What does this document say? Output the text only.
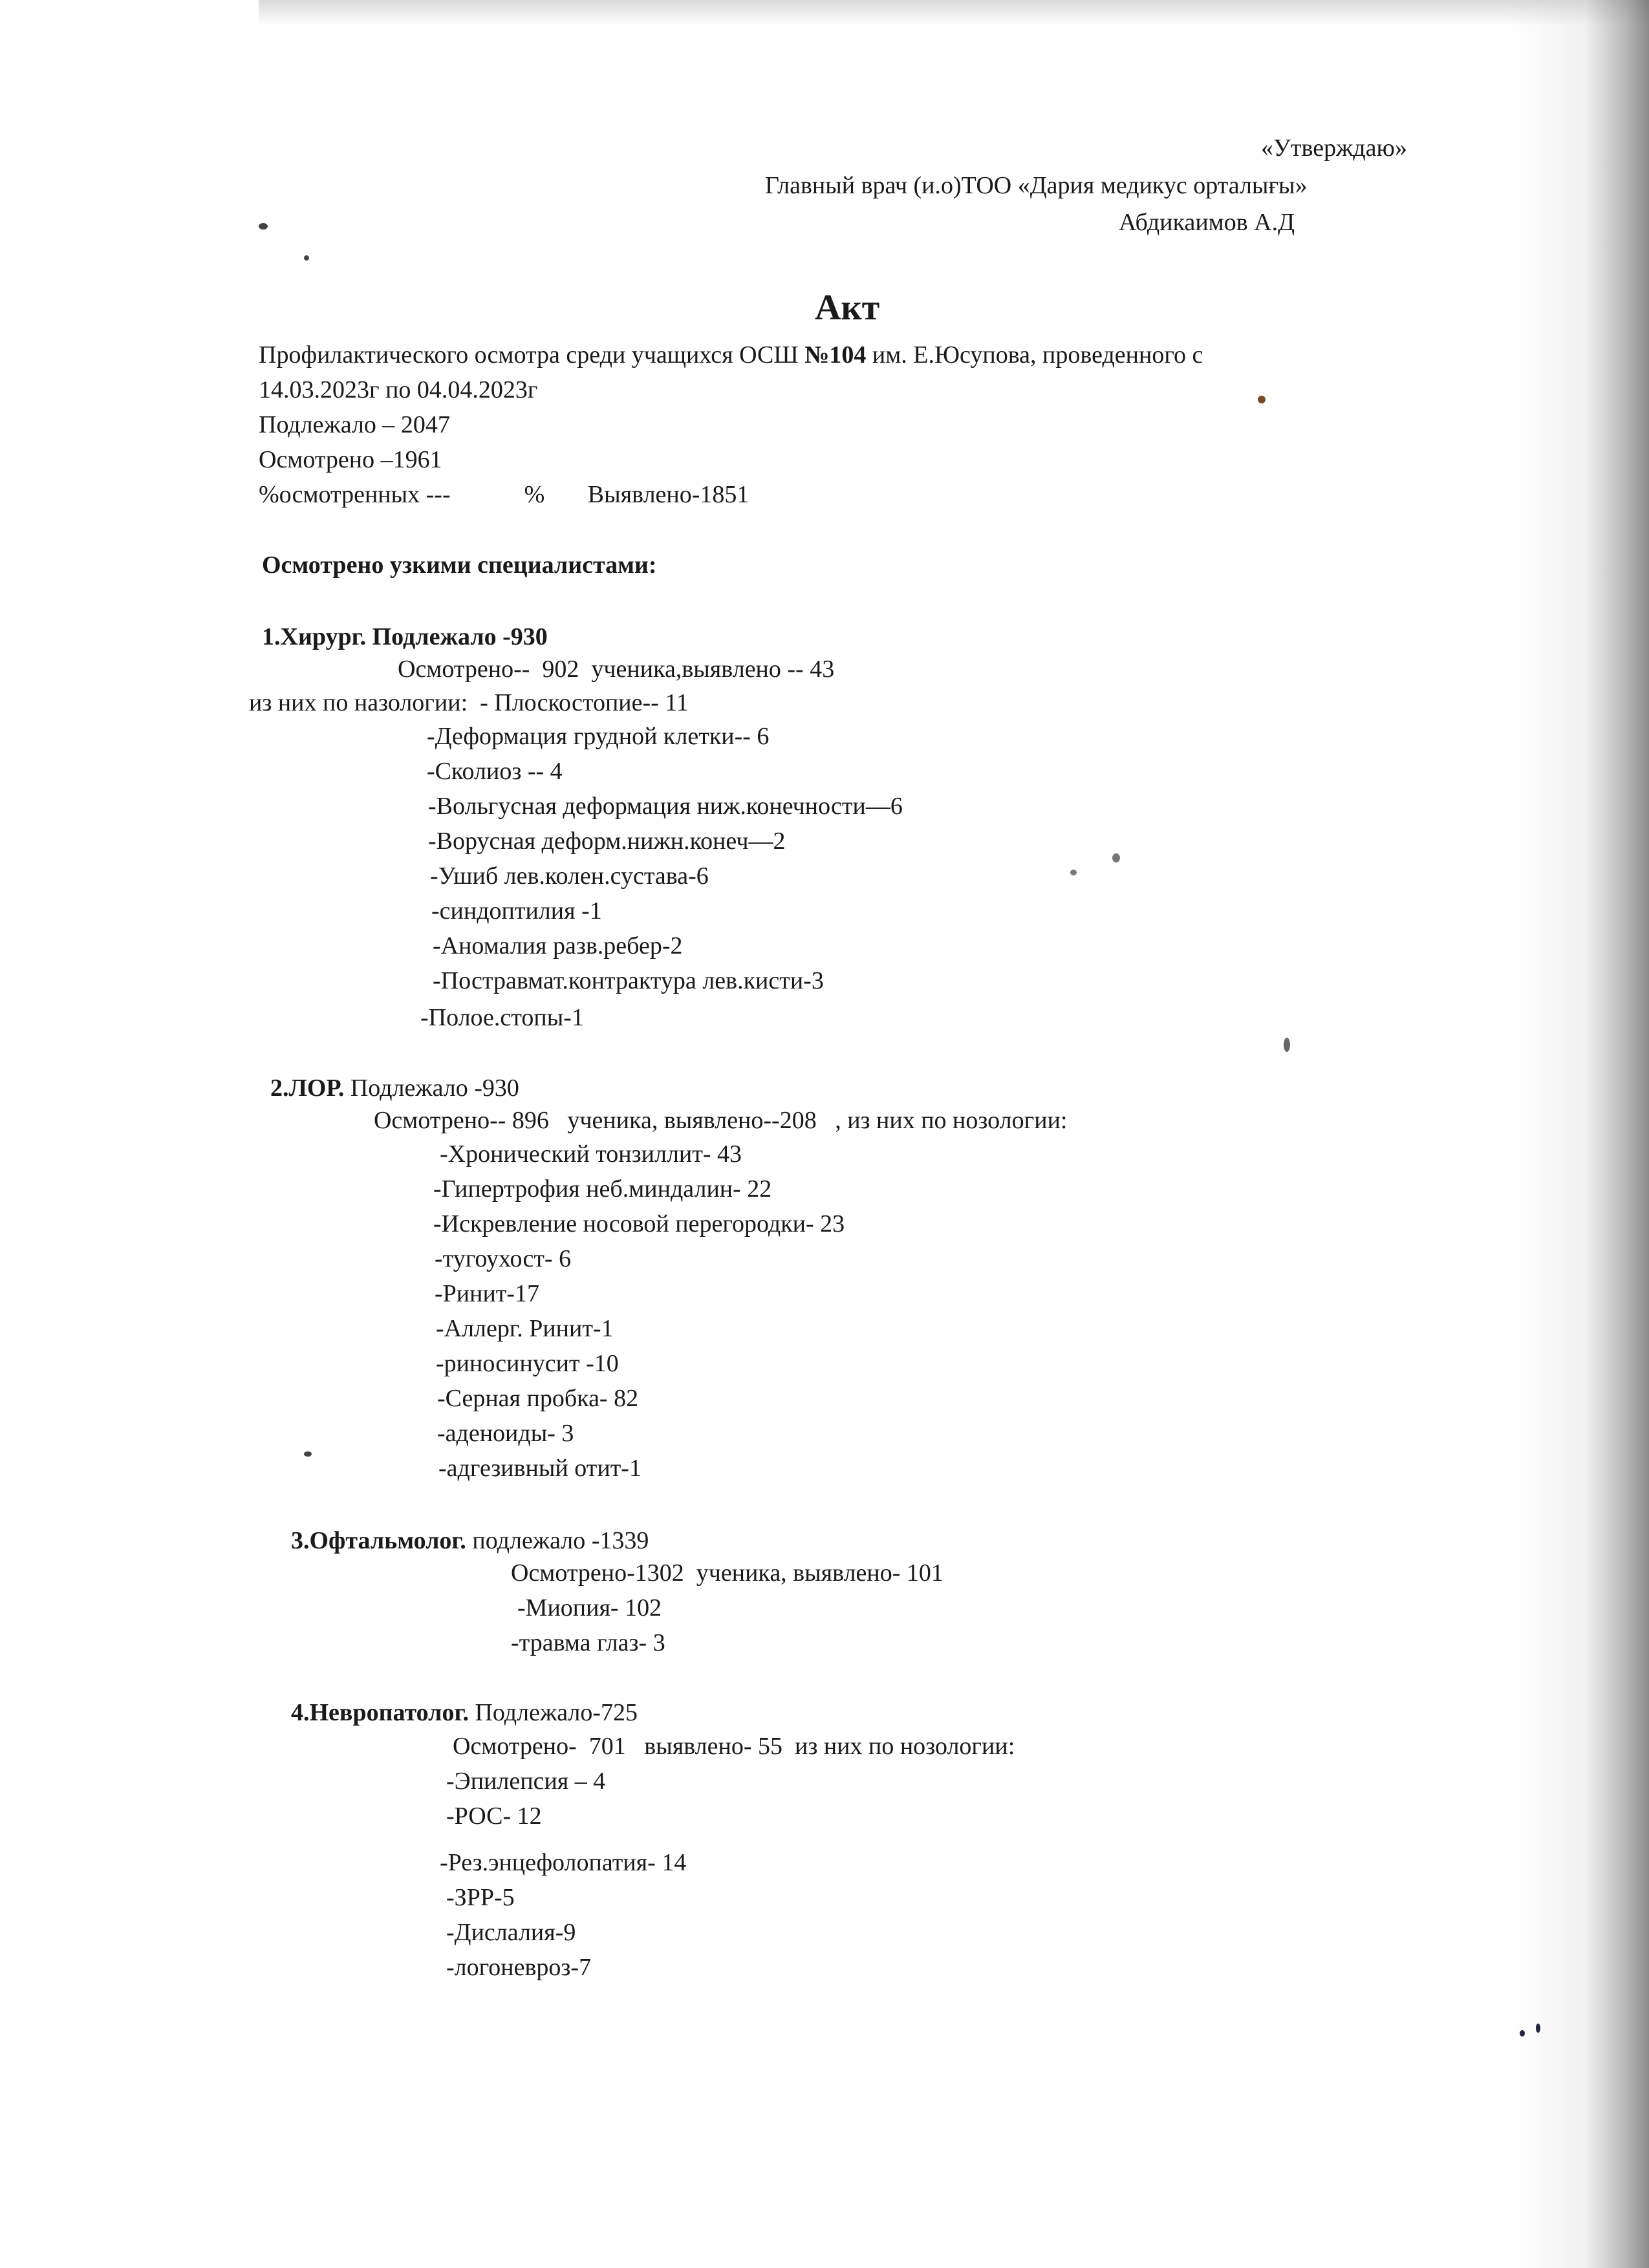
«Утверждаю»
Главный врач (и.о)ТОО «Дария медикус орталығы»
Абдикаимов А.Д
Акт
Профилактического осмотра среди учащихся ОСШ №104 им. Е.Юсупова, проведенного с
14.03.2023г по 04.04.2023г
Подлежало – 2047
Осмотрено –1961
%осмотренных ---            %       Выявлено-1851
Осмотрено узкими специалистами:
1.Хирург. Подлежало -930
Осмотрено--  902  ученика,выявлено -- 43
из них по назологии:  - Плоскостопие-- 11
-Деформация грудной клетки-- 6
-Сколиоз -- 4
-Вольгусная деформация ниж.конечности—6
-Ворусная деформ.нижн.конеч—2
-Ушиб лев.колен.сустава-6
-синдоптилия -1
-Аномалия разв.ребер-2
-Постравмат.контрактура лев.кисти-3
-Полое.стопы-1
2.ЛОР. Подлежало -930
Осмотрено-- 896   ученика, выявлено--208   , из них по нозологии:
-Хронический тонзиллит- 43
-Гипертрофия неб.миндалин- 22
-Искревление носовой перегородки- 23
-тугоухост- 6
-Ринит-17
-Аллерг. Ринит-1
-риносинусит -10
-Серная пробка- 82
-аденоиды- 3
-адгезивный отит-1
3.Офтальмолог. подлежало -1339
Осмотрено-1302  ученика, выявлено- 101
-Миопия- 102
-травма глаз- 3
4.Невропатолог. Подлежало-725
Осмотрено-  701   выявлено- 55  из них по нозологии:
-Эпилепсия – 4
-РОС- 12
-Рез.энцефолопатия- 14
-ЗРР-5
-Дислалия-9
-логоневроз-7
